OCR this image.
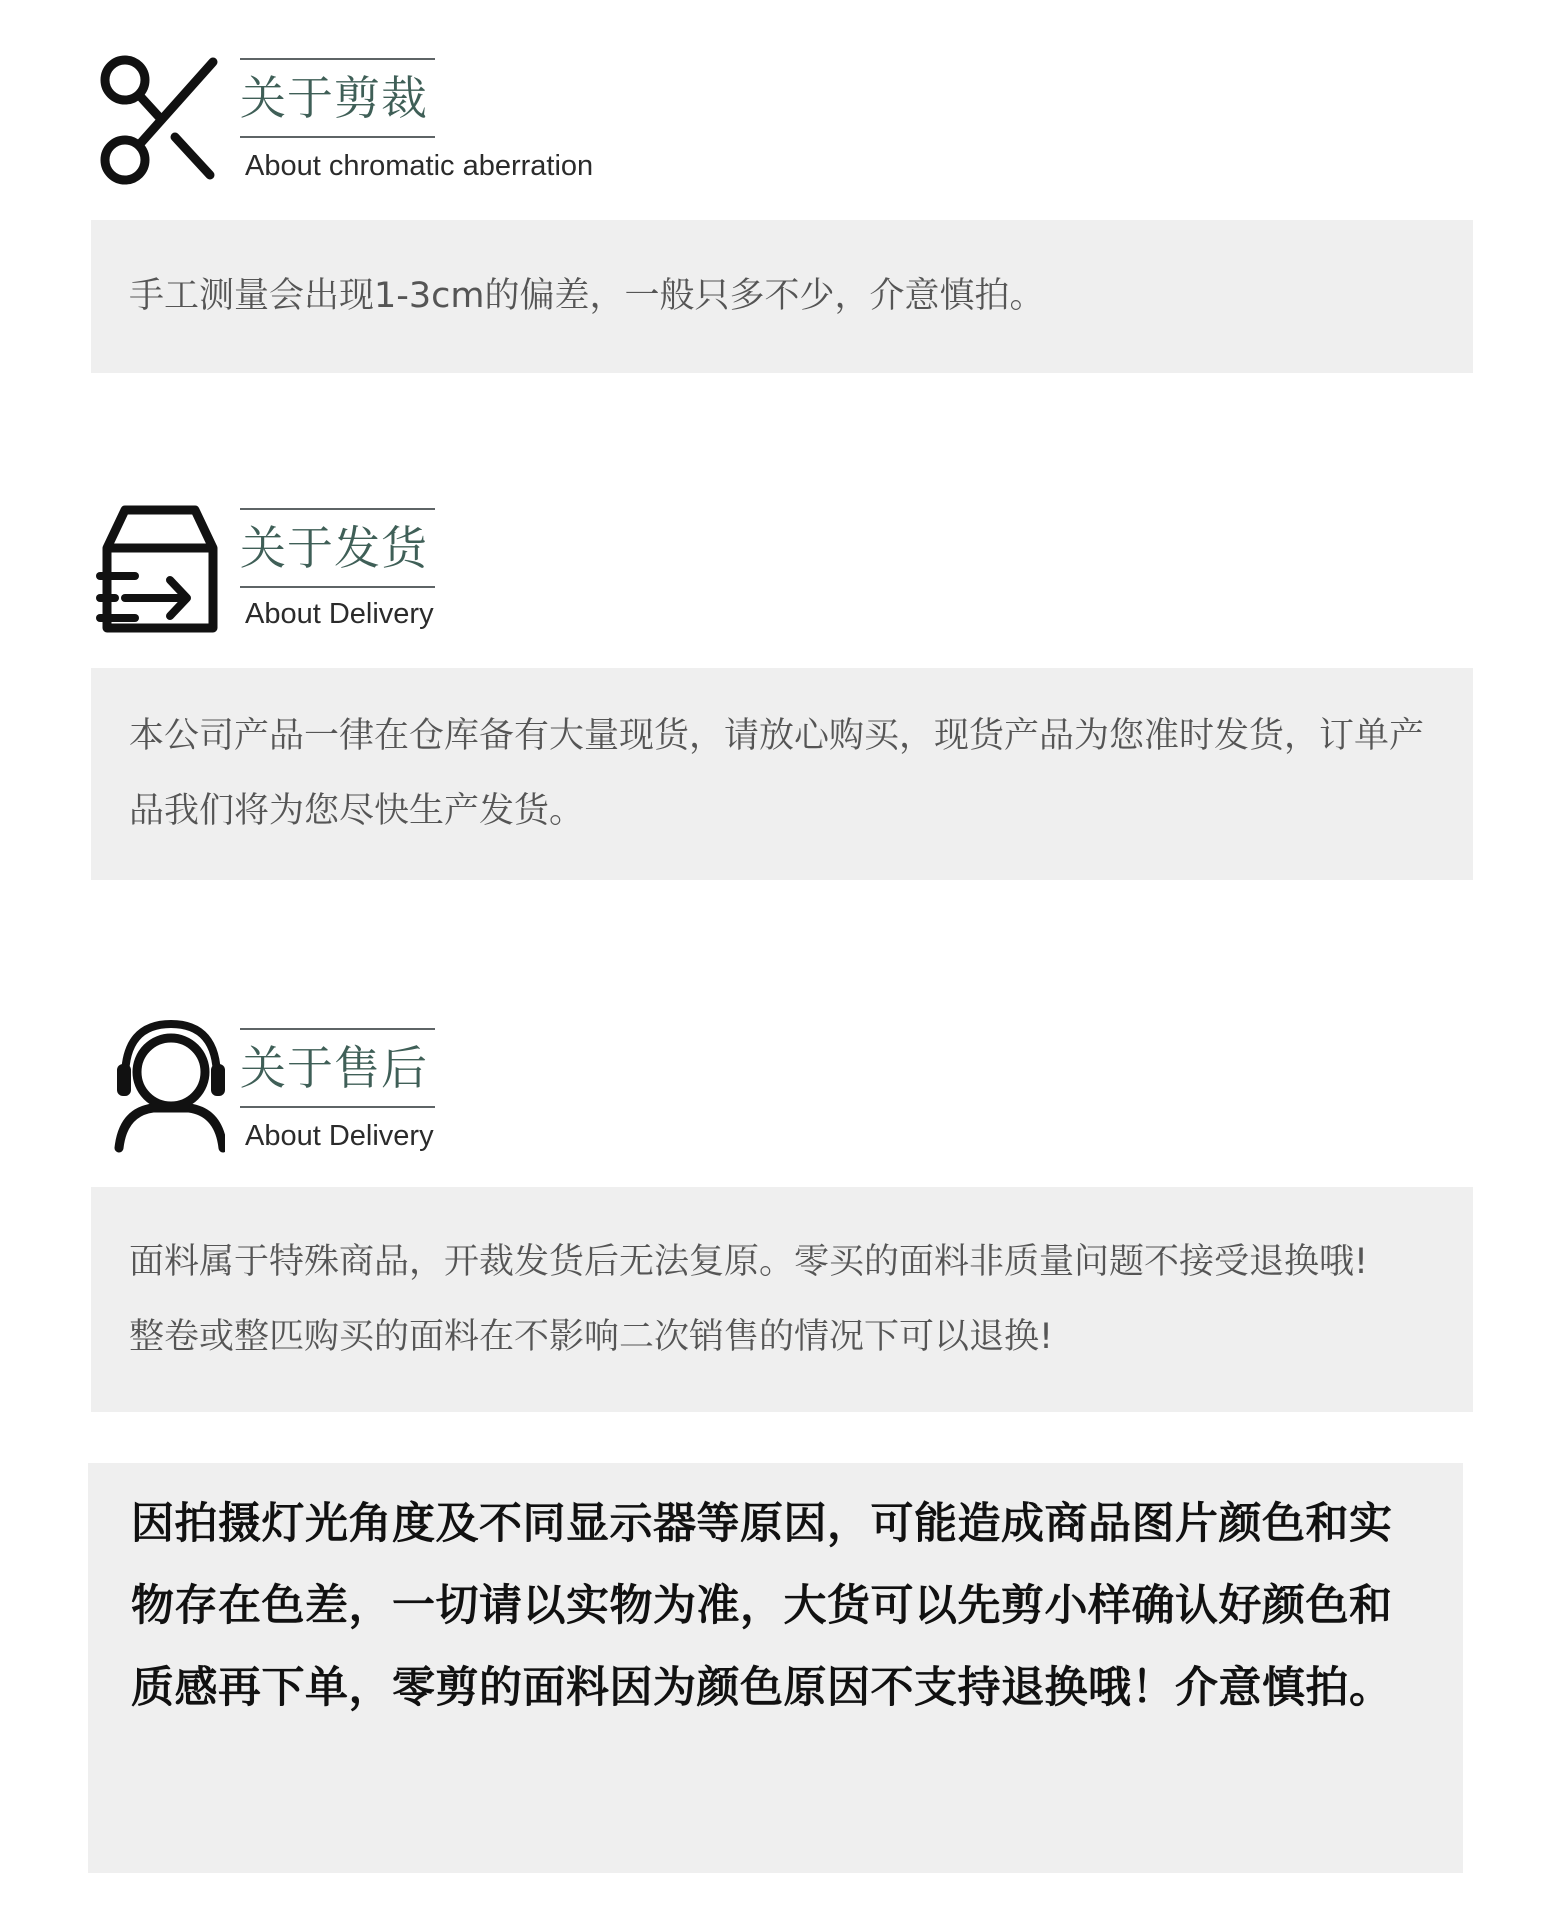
关于剪裁
About chromatic aberration

手工测量会出现1-3cm的偏差，一般只多不少，介意慎拍。

关于发货
About Delivery

本公司产品一律在仓库备有大量现货，请放心购买，现货产品为您准时发货，订单产品我们将为您尽快生产发货。

关于售后
About Delivery

面料属于特殊商品，开裁发货后无法复原。零买的面料非质量问题不接受退换哦!

整卷或整匹购买的面料在不影响二次销售的情况下可以退换!

因拍摄灯光角度及不同显示器等原因，可能造成商品图片颜色和实物存在色差，一切请以实物为准，大货可以先剪小样确认好颜色和质感再下单，零剪的面料因为颜色原因不支持退换哦！介意慎拍。
